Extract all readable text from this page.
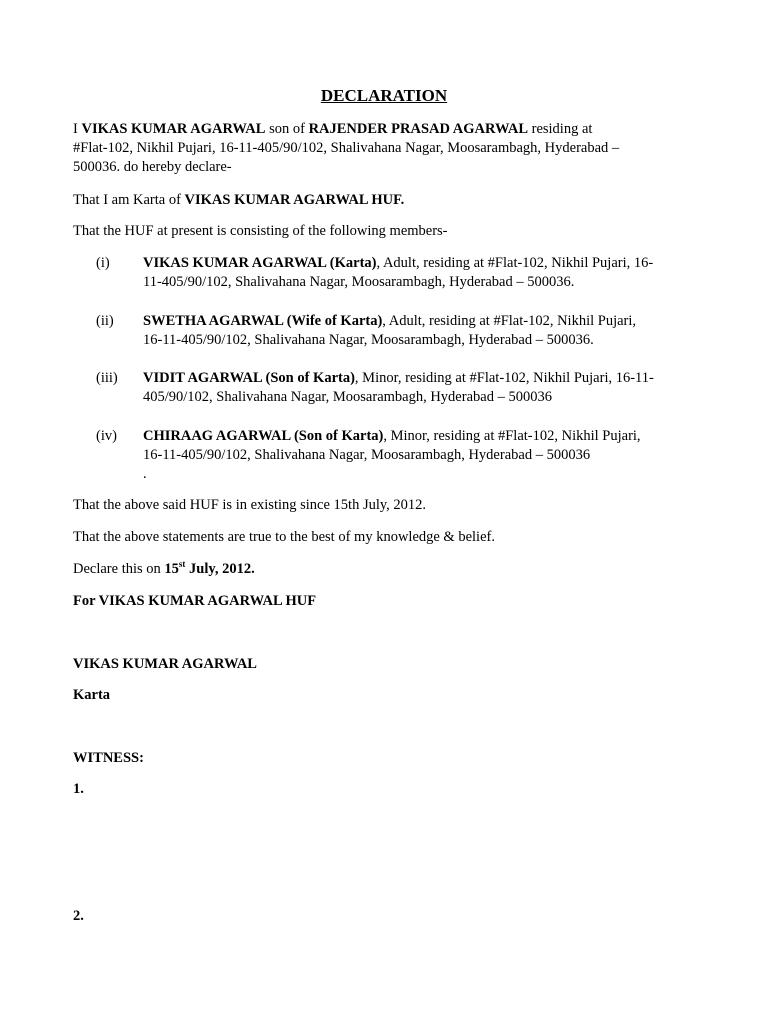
DECLARATION
I VIKAS KUMAR AGARWAL son of RAJENDER PRASAD AGARWAL residing at
#Flat-102, Nikhil Pujari, 16-11-405/90/102, Shalivahana Nagar, Moosarambagh, Hyderabad –
500036. do hereby declare-
That I am Karta of VIKAS KUMAR AGARWAL HUF.
That the HUF at present is consisting of the following members-
(i)	VIKAS KUMAR AGARWAL (Karta), Adult, residing at #Flat-102, Nikhil Pujari, 16-
11-405/90/102, Shalivahana Nagar, Moosarambagh, Hyderabad – 500036.
(ii)	SWETHA AGARWAL (Wife of Karta), Adult, residing at #Flat-102, Nikhil Pujari,
16-11-405/90/102, Shalivahana Nagar, Moosarambagh, Hyderabad – 500036.
(iii)	VIDIT AGARWAL (Son of Karta), Minor, residing at #Flat-102, Nikhil Pujari, 16-11-
405/90/102, Shalivahana Nagar, Moosarambagh, Hyderabad – 500036
(iv)	CHIRAAG AGARWAL (Son of Karta), Minor, residing at #Flat-102, Nikhil Pujari,
16-11-405/90/102, Shalivahana Nagar, Moosarambagh, Hyderabad – 500036
.
That the above said HUF is in existing since 15th July, 2012.
That the above statements are true to the best of my knowledge & belief.
Declare this on 15st July, 2012.
For VIKAS KUMAR AGARWAL HUF
VIKAS KUMAR AGARWAL
Karta
WITNESS:
1.
2.
